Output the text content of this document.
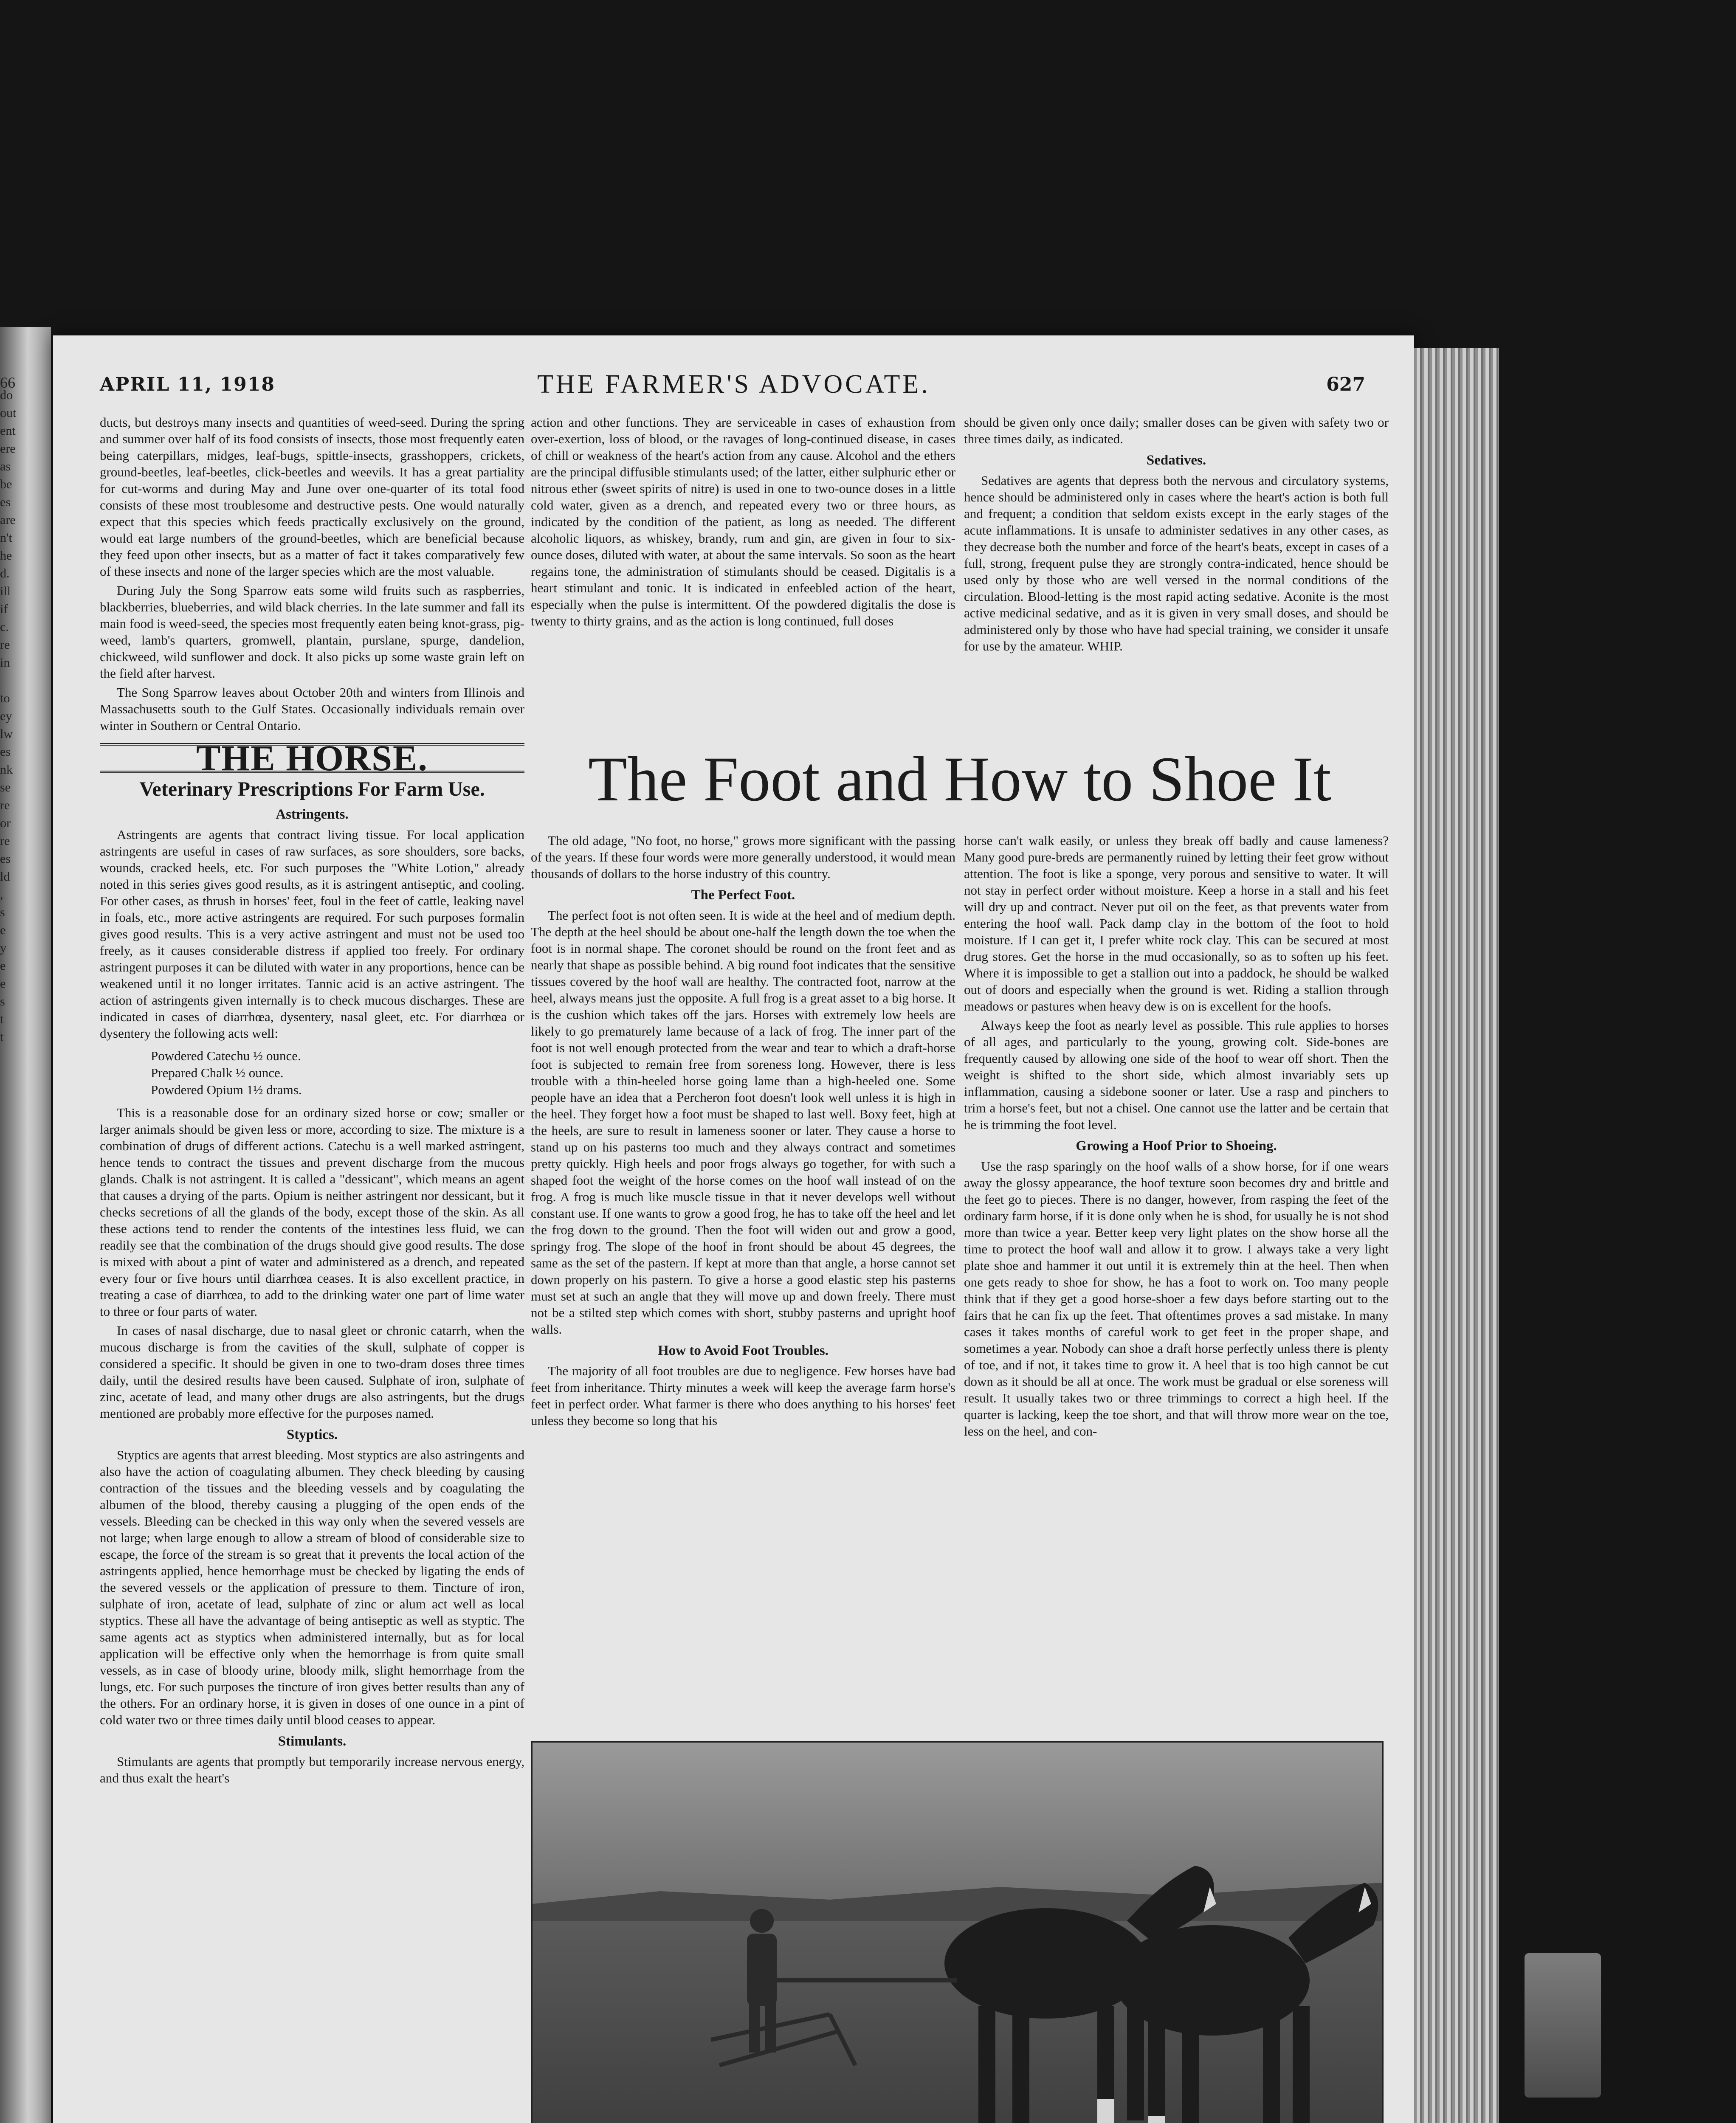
do
out
ent
ere
as
be
es
are
n't
he
d.
ill
if
c.
re
in

to
ey
lw
es
nk
se
re
or
re
es
ld
,
s
e
y
e
e
s
t
t
66	APRIL 11, 1918	THE FARMER'S ADVOCATE.	627

ducts, but destroys many insects and quantities of weed-seed. During the spring and summer over half of its food consists of insects, those most frequently eaten being caterpillars, midges, leaf-bugs, spittle-insects, grasshoppers, crickets, ground-beetles, leaf-beetles, click-beetles and weevils. It has a great partiality for cut-worms and during May and June over one-quarter of its total food consists of these most troublesome and destructive pests. One would naturally expect that this species which feeds practically exclusively on the ground, would eat large numbers of the ground-beetles, which are beneficial because they feed upon other insects, but as a matter of fact it takes comparatively few of these insects and none of the larger species which are the most valuable.

During July the Song Sparrow eats some wild fruits such as raspberries, blackberries, blueberries, and wild black cherries. In the late summer and fall its main food is weed-seed, the species most frequently eaten being knot-grass, pig-weed, lamb's quarters, gromwell, plantain, purslane, spurge, dandelion, chickweed, wild sunflower and dock. It also picks up some waste grain left on the field after harvest.

The Song Sparrow leaves about October 20th and winters from Illinois and Massachusetts south to the Gulf States. Occasionally individuals remain over winter in Southern or Central Ontario.

THE HORSE.
Veterinary Prescriptions For Farm Use.
Astringents.

Astringents are agents that contract living tissue. For local application astringents are useful in cases of raw surfaces, as sore shoulders, sore backs, wounds, cracked heels, etc. For such purposes the "White Lotion," already noted in this series gives good results, as it is astringent antiseptic, and cooling. For other cases, as thrush in horses' feet, foul in the feet of cattle, leaking navel in foals, etc., more active astringents are required. For such purposes formalin gives good results. This is a very active astringent and must not be used too freely, as it causes considerable distress if applied too freely. For ordinary astringent purposes it can be diluted with water in any proportions, hence can be weakened until it no longer irritates. Tannic acid is an active astringent. The action of astringents given internally is to check mucous discharges. These are indicated in cases of diarrhœa, dysentery, nasal gleet, etc. For diarrhœa or dysentery the following acts well:

Powdered Catechu ½ ounce.
Prepared Chalk ½ ounce.
Powdered Opium 1½ drams.

This is a reasonable dose for an ordinary sized horse or cow; smaller or larger animals should be given less or more, according to size. The mixture is a combination of drugs of different actions. Catechu is a well marked astringent, hence tends to contract the tissues and prevent discharge from the mucous glands. Chalk is not astringent. It is called a "dessicant", which means an agent that causes a drying of the parts. Opium is neither astringent nor dessicant, but it checks secretions of all the glands of the body, except those of the skin. As all these actions tend to render the contents of the intestines less fluid, we can readily see that the combination of the drugs should give good results. The dose is mixed with about a pint of water and administered as a drench, and repeated every four or five hours until diarrhœa ceases. It is also excellent practice, in treating a case of diarrhœa, to add to the drinking water one part of lime water to three or four parts of water.

In cases of nasal discharge, due to nasal gleet or chronic catarrh, when the mucous discharge is from the cavities of the skull, sulphate of copper is considered a specific. It should be given in one to two-dram doses three times daily, until the desired results have been caused. Sulphate of iron, sulphate of zinc, acetate of lead, and many other drugs are also astringents, but the drugs mentioned are probably more effective for the purposes named.

Styptics.

Styptics are agents that arrest bleeding. Most styptics are also astringents and also have the action of coagulating albumen. They check bleeding by causing contraction of the tissues and the bleeding vessels and by coagulating the albumen of the blood, thereby causing a plugging of the open ends of the vessels. Bleeding can be checked in this way only when the severed vessels are not large; when large enough to allow a stream of blood of considerable size to escape, the force of the stream is so great that it prevents the local action of the astringents applied, hence hemorrhage must be checked by ligating the ends of the severed vessels or the application of pressure to them. Tincture of iron, sulphate of iron, acetate of lead, sulphate of zinc or alum act well as local styptics. These all have the advantage of being antiseptic as well as styptic. The same agents act as styptics when administered internally, but as for local application will be effective only when the hemorrhage is from quite small vessels, as in case of bloody urine, bloody milk, slight hemorrhage from the lungs, etc. For such purposes the tincture of iron gives better results than any of the others. For an ordinary horse, it is given in doses of one ounce in a pint of cold water two or three times daily until blood ceases to appear.

Stimulants.

Stimulants are agents that promptly but temporarily increase nervous energy, and thus exalt the heart's

action and other functions. They are serviceable in cases of exhaustion from over-exertion, loss of blood, or the ravages of long-continued disease, in cases of chill or weakness of the heart's action from any cause. Alcohol and the ethers are the principal diffusible stimulants used; of the latter, either sulphuric ether or nitrous ether (sweet spirits of nitre) is used in one to two-ounce doses in a little cold water, given as a drench, and repeated every two or three hours, as indicated by the condition of the patient, as long as needed. The different alcoholic liquors, as whiskey, brandy, rum and gin, are given in four to six-ounce doses, diluted with water, at about the same intervals. So soon as the heart regains tone, the administration of stimulants should be ceased. Digitalis is a heart stimulant and tonic. It is indicated in enfeebled action of the heart, especially when the pulse is intermittent. Of the powdered digitalis the dose is twenty to thirty grains, and as the action is long continued, full doses

should be given only once daily; smaller doses can be given with safety two or three times daily, as indicated.

Sedatives.

Sedatives are agents that depress both the nervous and circulatory systems, hence should be administered only in cases where the heart's action is both full and frequent; a condition that seldom exists except in the early stages of the acute inflammations. It is unsafe to administer sedatives in any other cases, as they decrease both the number and force of the heart's beats, except in cases of a full, strong, frequent pulse they are strongly contra-indicated, hence should be used only by those who are well versed in the normal conditions of the circulation. Blood-letting is the most rapid acting sedative. Aconite is the most active medicinal sedative, and as it is given in very small doses, and should be administered only by those who have had special training, we consider it unsafe for use by the amateur. WHIP.

The Foot and How to Shoe It

The old adage, "No foot, no horse," grows more significant with the passing of the years. If these four words were more generally understood, it would mean thousands of dollars to the horse industry of this country.

The Perfect Foot.

The perfect foot is not often seen. It is wide at the heel and of medium depth. The depth at the heel should be about one-half the length down the toe when the foot is in normal shape. The coronet should be round on the front feet and as nearly that shape as possible behind. A big round foot indicates that the sensitive tissues covered by the hoof wall are healthy. The contracted foot, narrow at the heel, always means just the opposite. A full frog is a great asset to a big horse. It is the cushion which takes off the jars. Horses with extremely low heels are likely to go prematurely lame because of a lack of frog. The inner part of the foot is not well enough protected from the wear and tear to which a draft-horse foot is subjected to remain free from soreness long. However, there is less trouble with a thin-heeled horse going lame than a high-heeled one. Some people have an idea that a Percheron foot doesn't look well unless it is high in the heel. They forget how a foot must be shaped to last well. Boxy feet, high at the heels, are sure to result in lameness sooner or later. They cause a horse to stand up on his pasterns too much and they always contract and sometimes pretty quickly. High heels and poor frogs always go together, for with such a shaped foot the weight of the horse comes on the hoof wall instead of on the frog. A frog is much like muscle tissue in that it never develops well without constant use. If one wants to grow a good frog, he has to take off the heel and let the frog down to the ground. Then the foot will widen out and grow a good, springy frog. The slope of the hoof in front should be about 45 degrees, the same as the set of the pastern. If kept at more than that angle, a horse cannot set down properly on his pastern. To give a horse a good elastic step his pasterns must set at such an angle that they will move up and down freely. There must not be a stilted step which comes with short, stubby pasterns and upright hoof walls.

How to Avoid Foot Troubles.

The majority of all foot troubles are due to negligence. Few horses have bad feet from inheritance. Thirty minutes a week will keep the average farm horse's feet in perfect order. What farmer is there who does anything to his horses' feet unless they become so long that his

horse can't walk easily, or unless they break off badly and cause lameness? Many good pure-breds are permanently ruined by letting their feet grow without attention. The foot is like a sponge, very porous and sensitive to water. It will not stay in perfect order without moisture. Keep a horse in a stall and his feet will dry up and contract. Never put oil on the feet, as that prevents water from entering the hoof wall. Pack damp clay in the bottom of the foot to hold moisture. If I can get it, I prefer white rock clay. This can be secured at most drug stores. Get the horse in the mud occasionally, so as to soften up his feet. Where it is impossible to get a stallion out into a paddock, he should be walked out of doors and especially when the ground is wet. Riding a stallion through meadows or pastures when heavy dew is on is excellent for the hoofs.

Always keep the foot as nearly level as possible. This rule applies to horses of all ages, and particularly to the young, growing colt. Side-bones are frequently caused by allowing one side of the hoof to wear off short. Then the weight is shifted to the short side, which almost invariably sets up inflammation, causing a sidebone sooner or later. Use a rasp and pinchers to trim a horse's feet, but not a chisel. One cannot use the latter and be certain that he is trimming the foot level.

Growing a Hoof Prior to Shoeing.

Use the rasp sparingly on the hoof walls of a show horse, for if one wears away the glossy appearance, the hoof texture soon becomes dry and brittle and the feet go to pieces. There is no danger, however, from rasping the feet of the ordinary farm horse, if it is done only when he is shod, for usually he is not shod more than twice a year. Better keep very light plates on the show horse all the time to protect the hoof wall and allow it to grow. I always take a very light plate shoe and hammer it out until it is extremely thin at the heel. Then when one gets ready to shoe for show, he has a foot to work on. Too many people think that if they get a good horse-shoer a few days before starting out to the fairs that he can fix up the feet. That oftentimes proves a sad mistake. In many cases it takes months of careful work to get feet in the proper shape, and sometimes a year. Nobody can shoe a draft horse perfectly unless there is plenty of toe, and if not, it takes time to grow it. A heel that is too high cannot be cut down as it should be all at once. The work must be gradual or else soreness will result. It usually takes two or three trimmings to correct a high heel. If the quarter is lacking, keep the toe short, and that will throw more wear on the toe, less on the heel, and con-
